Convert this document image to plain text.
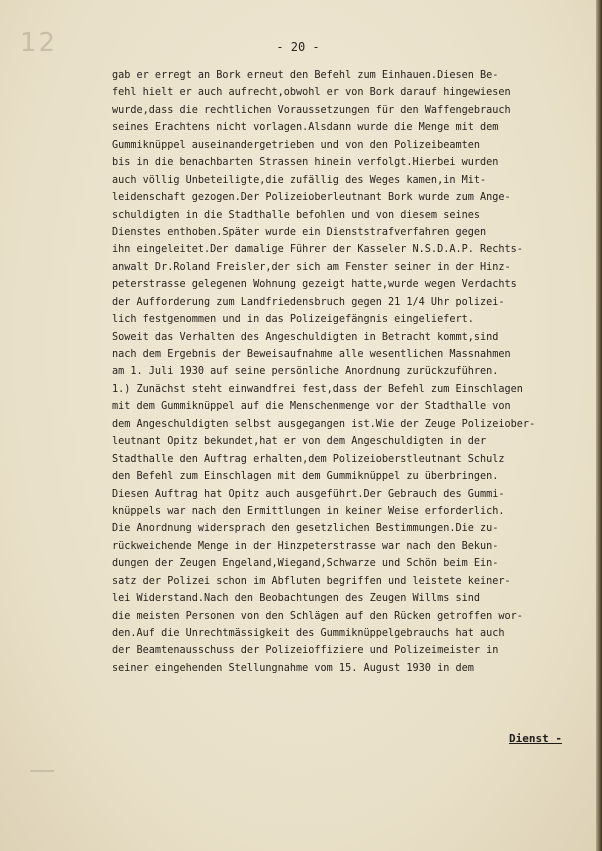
12	- 20 -
gab er erregt an Bork erneut den Befehl zum Einhauen.Diesen Be-
fehl hielt er auch aufrecht,obwohl er von Bork darauf hingewiesen
wurde,dass die rechtlichen Voraussetzungen für den Waffengebrauch
seines Erachtens nicht vorlagen.Alsdann wurde die Menge mit dem
Gummiknüppel auseinandergetrieben und von den Polizeibeamten
bis in die benachbarten Strassen hinein verfolgt.Hierbei wurden
auch völlig Unbeteiligte,die zufällig des Weges kamen,in Mit-
leidenschaft gezogen.Der Polizeioberleutnant Bork wurde zum Ange-
schuldigten in die Stadthalle befohlen und von diesem seines
Dienstes enthoben.Später wurde ein Dienststrafverfahren gegen
ihn eingeleitet.Der damalige Führer der Kasseler N.S.D.A.P. Rechts-
anwalt Dr.Roland Freisler,der sich am Fenster seiner in der Hinz-
peterstrasse gelegenen Wohnung gezeigt hatte,wurde wegen Verdachts
der Aufforderung zum Landfriedensbruch gegen 21 1/4 Uhr polizei-
lich festgenommen und in das Polizeigefängnis eingeliefert.
Soweit das Verhalten des Angeschuldigten in Betracht kommt,sind
nach dem Ergebnis der Beweisaufnahme alle wesentlichen Massnahmen
am 1. Juli 1930 auf seine persönliche Anordnung zurückzuführen.
1.) Zunächst steht einwandfrei fest,dass der Befehl zum Einschlagen
mit dem Gummiknüppel auf die Menschenmenge vor der Stadthalle von
dem Angeschuldigten selbst ausgegangen ist.Wie der Zeuge Polizeiober-
leutnant Opitz bekundet,hat er von dem Angeschuldigten in der
Stadthalle den Auftrag erhalten,dem Polizeioberstleutnant Schulz
den Befehl zum Einschlagen mit dem Gummiknüppel zu überbringen.
Diesen Auftrag hat Opitz auch ausgeführt.Der Gebrauch des Gummi-
knüppels war nach den Ermittlungen in keiner Weise erforderlich.
Die Anordnung widersprach den gesetzlichen Bestimmungen.Die zu-
rückweichende Menge in der Hinzpeterstrasse war nach den Bekun-
dungen der Zeugen Engeland,Wiegand,Schwarze und Schön beim Ein-
satz der Polizei schon im Abfluten begriffen und leistete keiner-
lei Widerstand.Nach den Beobachtungen des Zeugen Willms sind
die meisten Personen von den Schlägen auf den Rücken getroffen wor-
den.Auf die Unrechtmässigkeit des Gummiknüppelgebrauchs hat auch
der Beamtenausschuss der Polizeioffiziere und Polizeimeister in
seiner eingehenden Stellungnahme vom 15. August 1930 in dem
Dienst -
